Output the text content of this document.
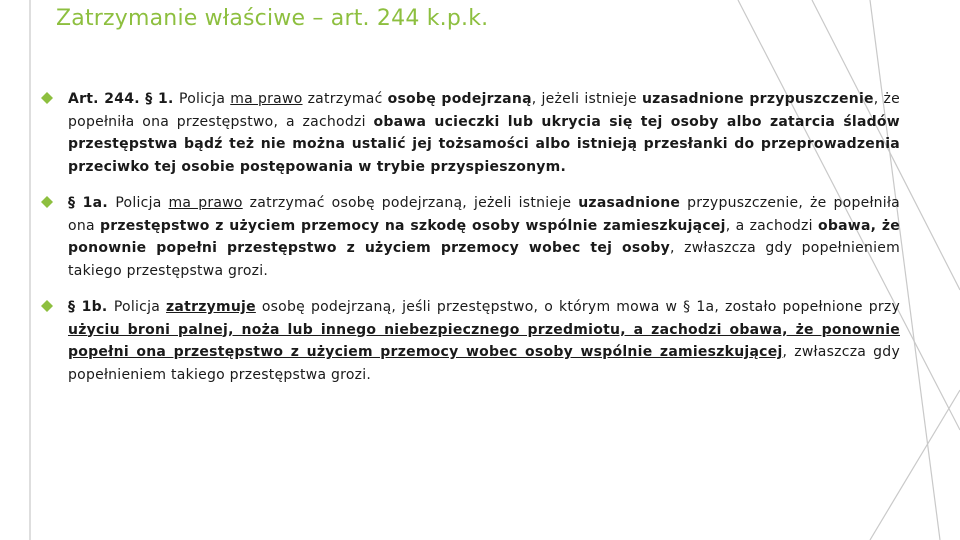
Zatrzymanie właściwe – art. 244 k.p.k.

Art. 244. § 1. Policja ma prawo zatrzymać osobę podejrzaną, jeżeli istnieje uzasadnione przypuszczenie, że popełniła ona przestępstwo, a zachodzi obawa ucieczki lub ukrycia się tej osoby albo zatarcia śladów przestępstwa bądź też nie można ustalić jej tożsamości albo istnieją przesłanki do przeprowadzenia przeciwko tej osobie postępowania w trybie przyspieszonym.

§ 1a. Policja ma prawo zatrzymać osobę podejrzaną, jeżeli istnieje uzasadnione przypuszczenie, że popełniła ona przestępstwo z użyciem przemocy na szkodę osoby wspólnie zamieszkującej, a zachodzi obawa, że ponownie popełni przestępstwo z użyciem przemocy wobec tej osoby, zwłaszcza gdy popełnieniem takiego przestępstwa grozi.

§ 1b. Policja zatrzymuje osobę podejrzaną, jeśli przestępstwo, o którym mowa w § 1a, zostało popełnione przy użyciu broni palnej, noża lub innego niebezpiecznego przedmiotu, a zachodzi obawa, że ponownie popełni ona przestępstwo z użyciem przemocy wobec osoby wspólnie zamieszkującej, zwłaszcza gdy popełnieniem takiego przestępstwa grozi.
